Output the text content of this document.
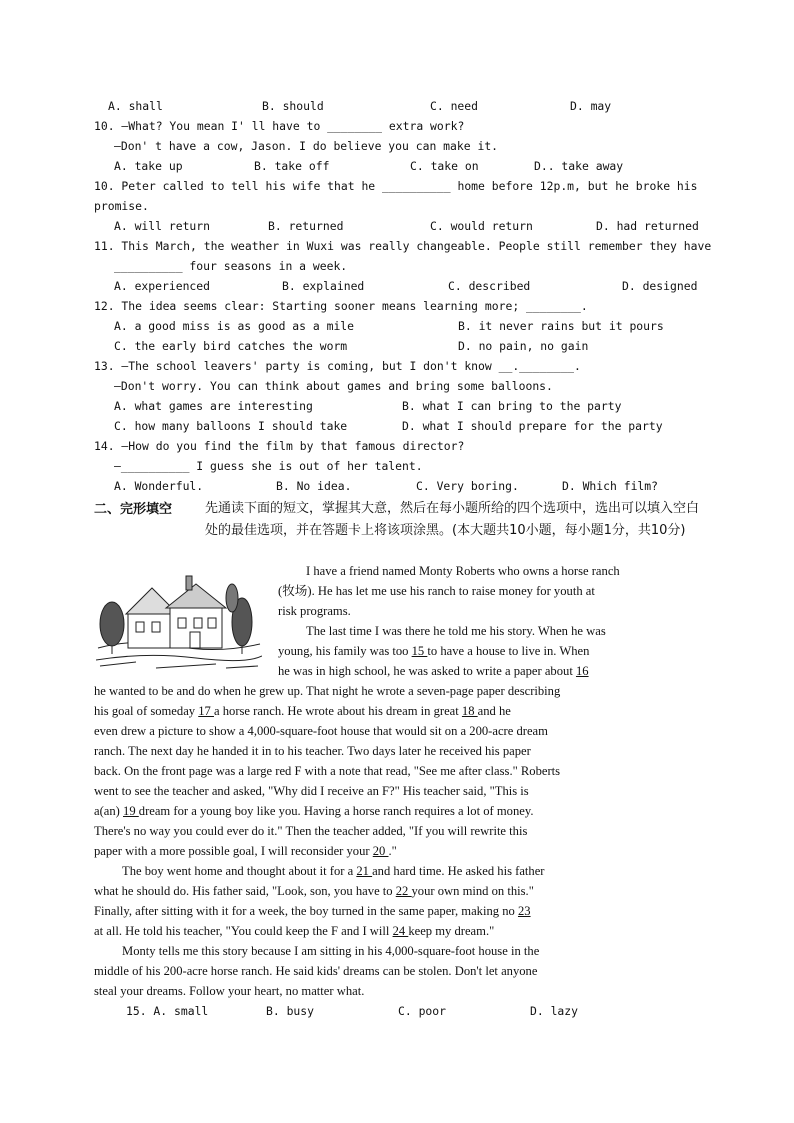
A. shall	B. should	C. need	D. may
10. —What? You mean I' ll have to ________ extra work?
—Don' t have a cow, Jason. I do believe you can make it.
A. take up	B. take off	C. take on	D.. take away
10. Peter called to tell his wife that he __________ home before 12p.m, but he broke his
promise.
A. will return	B. returned	C. would return	D. had returned
11. This March, the weather in Wuxi was really changeable. People still remember they have
__________ four seasons in a week.
A. experienced	B. explained	C. described	D. designed
12. The idea seems clear: Starting sooner means learning more; ________.
A. a good miss is as good as a mile	B. it never rains but it pours
C. the early bird catches the worm	D. no pain, no gain
13. —The school leavers' party is coming, but I don't know __.________.
—Don't worry. You can think about games and bring some balloons.
A. what games are interesting	B. what I can bring to the party
C. how many balloons I should take	D. what I should prepare for the party
14. —How do you find the film by that famous director?
—__________ I guess she is out of her talent.
A. Wonderful.	B. No idea.	C. Very boring.	D. Which film?
二、完形填空	先通读下面的短文，掌握其大意，然后在每小题所给的四个选项中，选出可以填入空白处的最佳选项，并在答题卡上将该项涂黑。(本大题共10小题，每小题1分，共10分)
I have a friend named Monty Roberts who owns a horse ranch
(牧场). He has let me use his ranch to raise money for youth at
risk programs.
The last time I was there he told me his story. When he was
young, his family was too 15 to have a house to live in. When
he was in high school, he was asked to write a paper about 16
he wanted to be and do when he grew up. That night he wrote a seven-page paper describing
his goal of someday 17 a horse ranch. He wrote about his dream in great 18 and he
even drew a picture to show a 4,000-square-foot house that would sit on a 200-acre dream
ranch. The next day he handed it in to his teacher. Two days later he received his paper
back. On the front page was a large red F with a note that read, "See me after class." Roberts
went to see the teacher and asked, "Why did I receive an F?" His teacher said, "This is
a(an) 19 dream for a young boy like you. Having a horse ranch requires a lot of money.
There's no way you could ever do it." Then the teacher added, "If you will rewrite this
paper with a more possible goal, I will reconsider your 20 ."
The boy went home and thought about it for a 21 and hard time. He asked his father
what he should do. His father said, "Look, son, you have to 22 your own mind on this."
Finally, after sitting with it for a week, the boy turned in the same paper, making no 23
at all. He told his teacher, "You could keep the F and I will 24 keep my dream."
Monty tells me this story because I am sitting in his 4,000-square-foot house in the
middle of his 200-acre horse ranch. He said kids' dreams can be stolen. Don't let anyone
steal your dreams. Follow your heart, no matter what.
15. A. small	B. busy	C. poor	D. lazy
